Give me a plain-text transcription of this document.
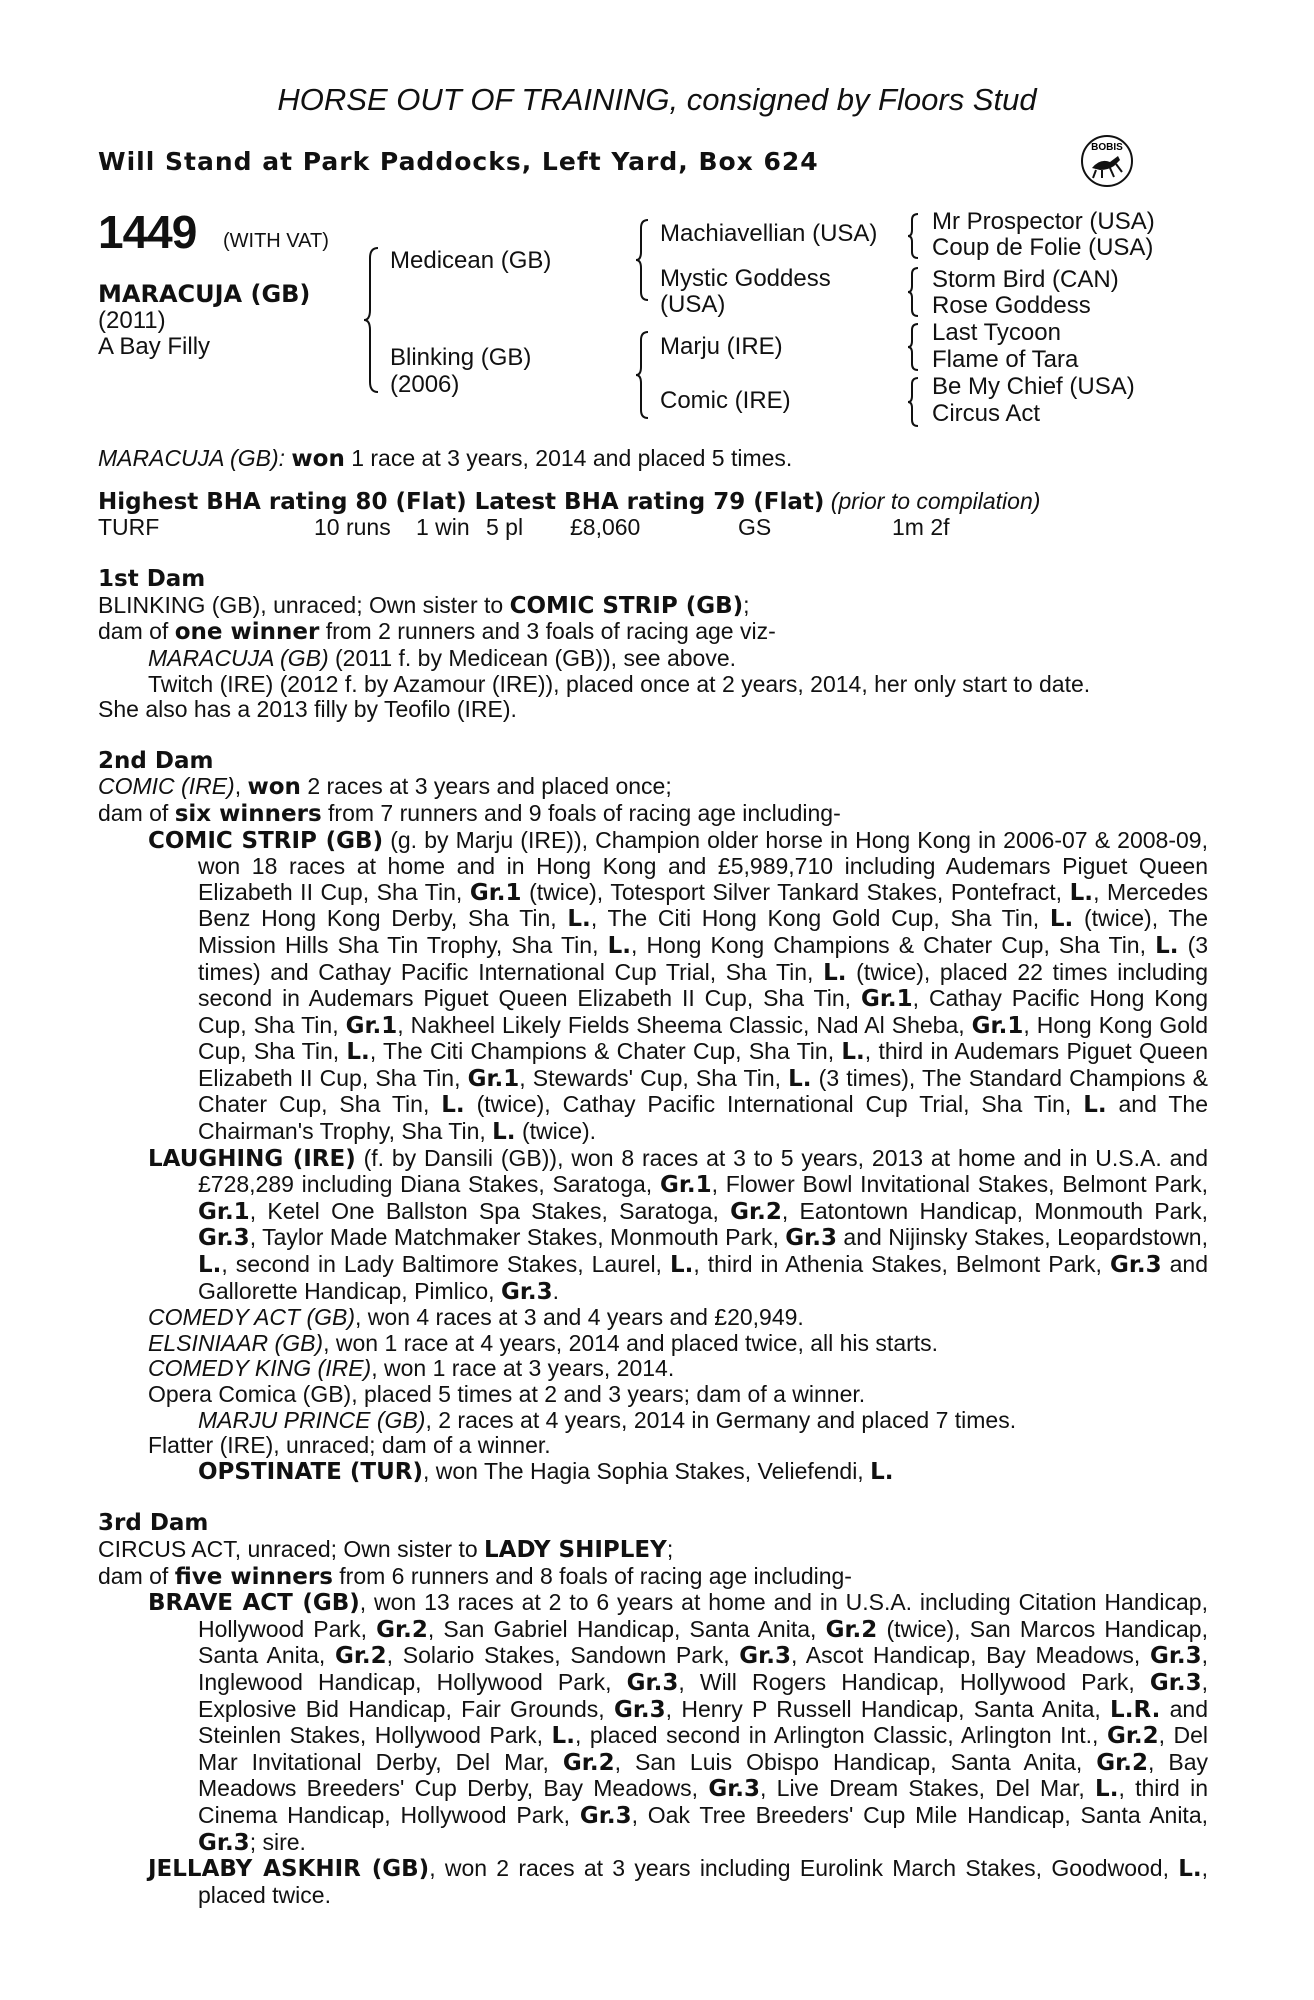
HORSE OUT OF TRAINING, consigned by Floors Stud
Will Stand at Park Paddocks, Left Yard, Box 624	BOBIS
1449 (WITH VAT)
MARACUJA (GB)
(2011)
A Bay Filly
Medicean (GB)
Blinking (GB)
(2006)
Machiavellian (USA)
Mystic Goddess
(USA)
Marju (IRE)
Comic (IRE)
Mr Prospector (USA)
Coup de Folie (USA)
Storm Bird (CAN)
Rose Goddess
Last Tycoon
Flame of Tara
Be My Chief (USA)
Circus Act

MARACUJA (GB): won 1 race at 3 years, 2014 and placed 5 times.

Highest BHA rating 80 (Flat) Latest BHA rating 79 (Flat) (prior to compilation)

TURF	10 runs 1 win 5 pl £8,060	GS	1m 2f

1st Dam

BLINKING (GB), unraced; Own sister to COMIC STRIP (GB);

dam of one winner from 2 runners and 3 foals of racing age viz-

MARACUJA (GB) (2011 f. by Medicean (GB)), see above.

Twitch (IRE) (2012 f. by Azamour (IRE)), placed once at 2 years, 2014, her only start to date.

She also has a 2013 filly by Teofilo (IRE).

2nd Dam

COMIC (IRE), won 2 races at 3 years and placed once;

dam of six winners from 7 runners and 9 foals of racing age including-

COMIC STRIP (GB) (g. by Marju (IRE)), Champion older horse in Hong Kong in 2006-07 & 2008-09, won 18 races at home and in Hong Kong and £5,989,710 including Audemars Piguet Queen Elizabeth II Cup, Sha Tin, Gr.1 (twice), Totesport Silver Tankard Stakes, Pontefract, L., Mercedes Benz Hong Kong Derby, Sha Tin, L., The Citi Hong Kong Gold Cup, Sha Tin, L. (twice), The Mission Hills Sha Tin Trophy, Sha Tin, L., Hong Kong Champions & Chater Cup, Sha Tin, L. (3 times) and Cathay Pacific International Cup Trial, Sha Tin, L. (twice), placed 22 times including second in Audemars Piguet Queen Elizabeth II Cup, Sha Tin, Gr.1, Cathay Pacific Hong Kong Cup, Sha Tin, Gr.1, Nakheel Likely Fields Sheema Classic, Nad Al Sheba, Gr.1, Hong Kong Gold Cup, Sha Tin, L., The Citi Champions & Chater Cup, Sha Tin, L., third in Audemars Piguet Queen Elizabeth II Cup, Sha Tin, Gr.1, Stewards' Cup, Sha Tin, L. (3 times), The Standard Champions & Chater Cup, Sha Tin, L. (twice), Cathay Pacific International Cup Trial, Sha Tin, L. and The Chairman's Trophy, Sha Tin, L. (twice).

LAUGHING (IRE) (f. by Dansili (GB)), won 8 races at 3 to 5 years, 2013 at home and in U.S.A. and £728,289 including Diana Stakes, Saratoga, Gr.1, Flower Bowl Invitational Stakes, Belmont Park, Gr.1, Ketel One Ballston Spa Stakes, Saratoga, Gr.2, Eatontown Handicap, Monmouth Park, Gr.3, Taylor Made Matchmaker Stakes, Monmouth Park, Gr.3 and Nijinsky Stakes, Leopardstown, L., second in Lady Baltimore Stakes, Laurel, L., third in Athenia Stakes, Belmont Park, Gr.3 and Gallorette Handicap, Pimlico, Gr.3.

COMEDY ACT (GB), won 4 races at 3 and 4 years and £20,949.

ELSINIAAR (GB), won 1 race at 4 years, 2014 and placed twice, all his starts.

COMEDY KING (IRE), won 1 race at 3 years, 2014.

Opera Comica (GB), placed 5 times at 2 and 3 years; dam of a winner.

MARJU PRINCE (GB), 2 races at 4 years, 2014 in Germany and placed 7 times.

Flatter (IRE), unraced; dam of a winner.

OPSTINATE (TUR), won The Hagia Sophia Stakes, Veliefendi, L.

3rd Dam

CIRCUS ACT, unraced; Own sister to LADY SHIPLEY;

dam of five winners from 6 runners and 8 foals of racing age including-

BRAVE ACT (GB), won 13 races at 2 to 6 years at home and in U.S.A. including Citation Handicap, Hollywood Park, Gr.2, San Gabriel Handicap, Santa Anita, Gr.2 (twice), San Marcos Handicap, Santa Anita, Gr.2, Solario Stakes, Sandown Park, Gr.3, Ascot Handicap, Bay Meadows, Gr.3, Inglewood Handicap, Hollywood Park, Gr.3, Will Rogers Handicap, Hollywood Park, Gr.3, Explosive Bid Handicap, Fair Grounds, Gr.3, Henry P Russell Handicap, Santa Anita, L.R. and Steinlen Stakes, Hollywood Park, L., placed second in Arlington Classic, Arlington Int., Gr.2, Del Mar Invitational Derby, Del Mar, Gr.2, San Luis Obispo Handicap, Santa Anita, Gr.2, Bay Meadows Breeders' Cup Derby, Bay Meadows, Gr.3, Live Dream Stakes, Del Mar, L., third in Cinema Handicap, Hollywood Park, Gr.3, Oak Tree Breeders' Cup Mile Handicap, Santa Anita, Gr.3; sire.

JELLABY ASKHIR (GB), won 2 races at 3 years including Eurolink March Stakes, Goodwood, L., placed twice.
